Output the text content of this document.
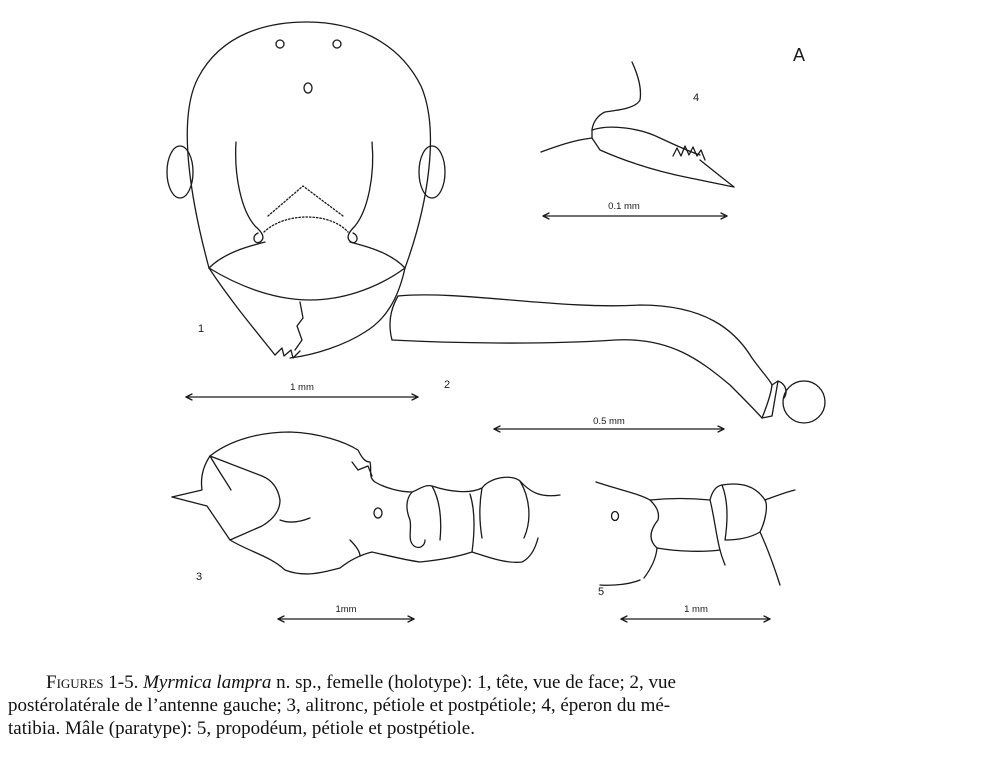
1
1 mm	2
0.5 mm
3
1mm
4
0.1 mm
5
1 mm
A
  Figures 1-5. Myrmica lampra n. sp., femelle (holotype): 1, tête, vue de face; 2, vue
postérolatérale de l’antenne gauche; 3, alitronc, pétiole et postpétiole; 4, éperon du mé-
tatibia. Mâle (paratype): 5, propodéum, pétiole et postpétiole.
